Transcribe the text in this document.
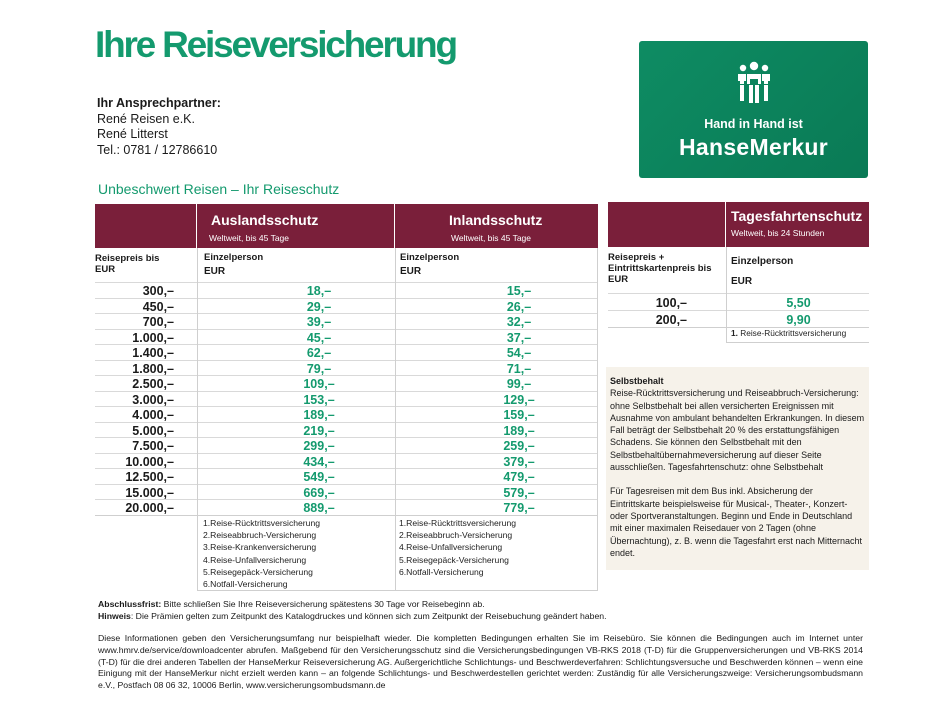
Ihre Reiseversicherung
Ihr Ansprechpartner:
René Reisen e.K.
René Litterst
Tel.: 0781 / 12786610
Hand in Hand ist
HanseMerkur
Unbeschwert Reisen – Ihr Reiseschutz
Auslandsschutz
Weltweit, bis 45 Tage
Inlandsschutz
Weltweit, bis 45 Tage
Reisepreis bis EUR
Einzelperson
EUR
Einzelperson
EUR
300,–	18,–	15,–
450,–	29,–	26,–
700,–	39,–	32,–
1.000,–	45,–	37,–
1.400,–	62,–	54,–
1.800,–	79,–	71,–
2.500,–	109,–	99,–
3.000,–	153,–	129,–
4.000,–	189,–	159,–
5.000,–	219,–	189,–
7.500,–	299,–	259,–
10.000,–	434,–	379,–
12.500,–	549,–	479,–
15.000,–	669,–	579,–
20.000,–	889,–	779,–
1.Reise-Rücktrittsversicherung
2.Reiseabbruch-Versicherung
3.Reise-Krankenversicherung
4.Reise-Unfallversicherung
5.Reisegepäck-Versicherung
6.Notfall-Versicherung
1.Reise-Rücktrittsversicherung
2.Reiseabbruch-Versicherung
4.Reise-Unfallversicherung
5.Reisegepäck-Versicherung
6.Notfall-Versicherung
Tagesfahrtenschutz
Weltweit, bis 24 Stunden
Reisepreis + Eintrittskartenpreis bis EUR
Einzelperson
EUR
100,–	5,50
200,–	9,90
1. Reise-Rücktrittsversicherung
Selbstbehalt

Reise-Rücktrittsversicherung und Reiseabbruch-Versicherung: ohne Selbstbehalt bei allen versicherten Ereignissen mit Ausnahme von ambulant behandelten Erkrankungen. In diesem Fall beträgt der Selbstbehalt 20 % des erstattungsfähigen Schadens. Sie können den Selbstbehalt mit den Selbstbehaltübernahmeversicherung auf dieser Seite ausschließen. Tagesfahrtenschutz: ohne Selbstbehalt

Für Tagesreisen mit dem Bus inkl. Absicherung der Eintrittskarte beispielsweise für Musical-, Theater-, Konzert- oder Sportveranstaltungen. Beginn und Ende in Deutschland mit einer maximalen Reisedauer von 2 Tagen (ohne Übernachtung), z. B. wenn die Tagesfahrt erst nach Mitternacht endet.

Abschlussfrist: Bitte schließen Sie Ihre Reiseversicherung spätestens 30 Tage vor Reisebeginn ab.
Hinweis: Die Prämien gelten zum Zeitpunkt des Katalogdruckes und können sich zum Zeitpunkt der Reisebuchung geändert haben.
Diese Informationen geben den Versicherungsumfang nur beispielhaft wieder. Die kompletten Bedingungen erhalten Sie im Reisebüro. Sie können die Bedingungen auch im Internet unter www.hmrv.de/service/downloadcenter abrufen. Maßgebend für den Versicherungsschutz sind die Versicherungsbedingungen VB-RKS 2018 (T-D) für die Gruppenversicherungen und VB-RKS 2014 (T-D) für die drei anderen Tabellen der HanseMerkur Reiseversicherung AG. Außergerichtliche Schlichtungs- und Beschwerdeverfahren: Schlichtungsversuche und Beschwerden können – wenn eine Einigung mit der HanseMerkur nicht erzielt werden kann – an folgende Schlichtungs- und Beschwerdestellen gerichtet werden: Zuständig für alle Versicherungszweige: Versicherungsombudsmann e.V., Postfach 08 06 32, 10006 Berlin, www.versicherungsombudsmann.de
